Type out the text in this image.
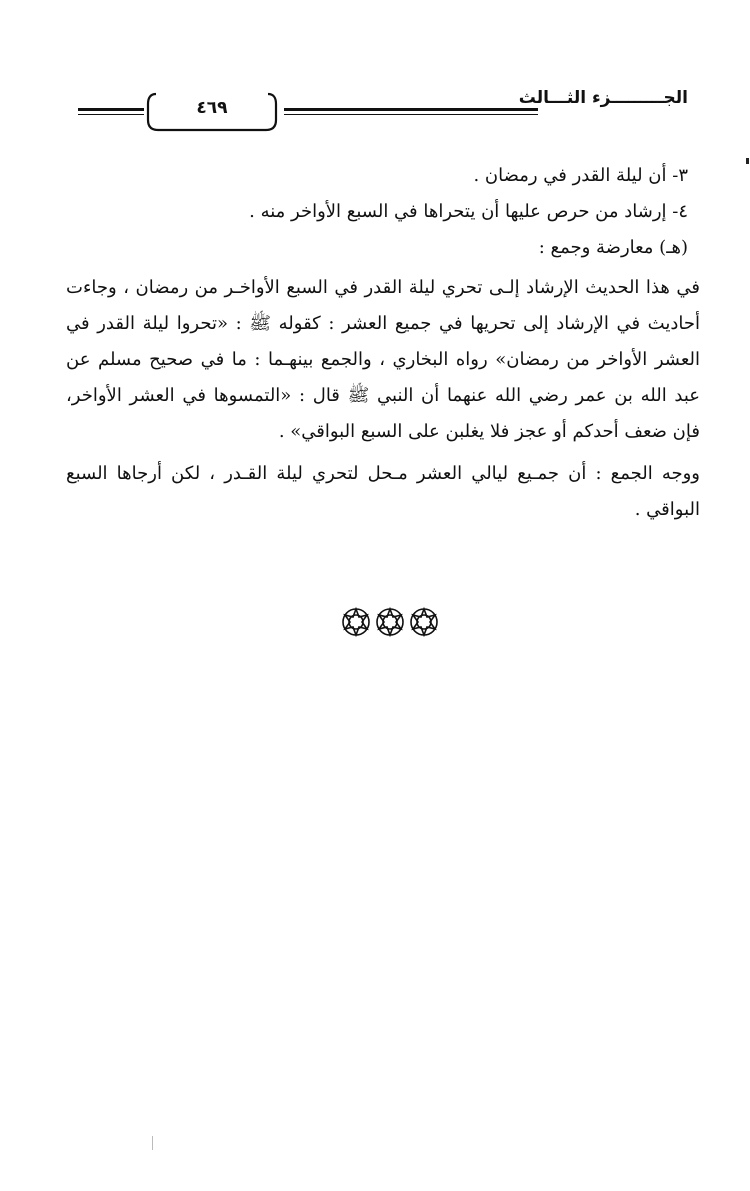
الجـــــــــزء الثـــالث
٤٦٩

٣- أن ليلة القدر في رمضان .

٤- إرشاد من حرص عليها أن يتحراها في السبع الأواخر منه .

(هـ) معارضة وجمع :

في هذا الحديث الإرشاد إلـى تحري ليلة القدر في السبع الأواخـر من رمضان ، وجاءت أحاديث في الإرشاد إلى تحريها في جميع العشر : كقوله ﷺ : «تحروا ليلة القدر في العشر الأواخر من رمضان» رواه البخاري ، والجمع بينهـما : ما في صحيح مسلم عن عبد الله بن عمر رضي الله عنهما أن النبي ﷺ قال : «التمسوها في العشر الأواخر، فإن ضعف أحدكم أو عجز فلا يغلبن على السبع البواقي» .

ووجه الجمع : أن جمـيع ليالي العشر مـحل لتحري ليلة القـدر ، لكن أرجاها السبع البواقي .
